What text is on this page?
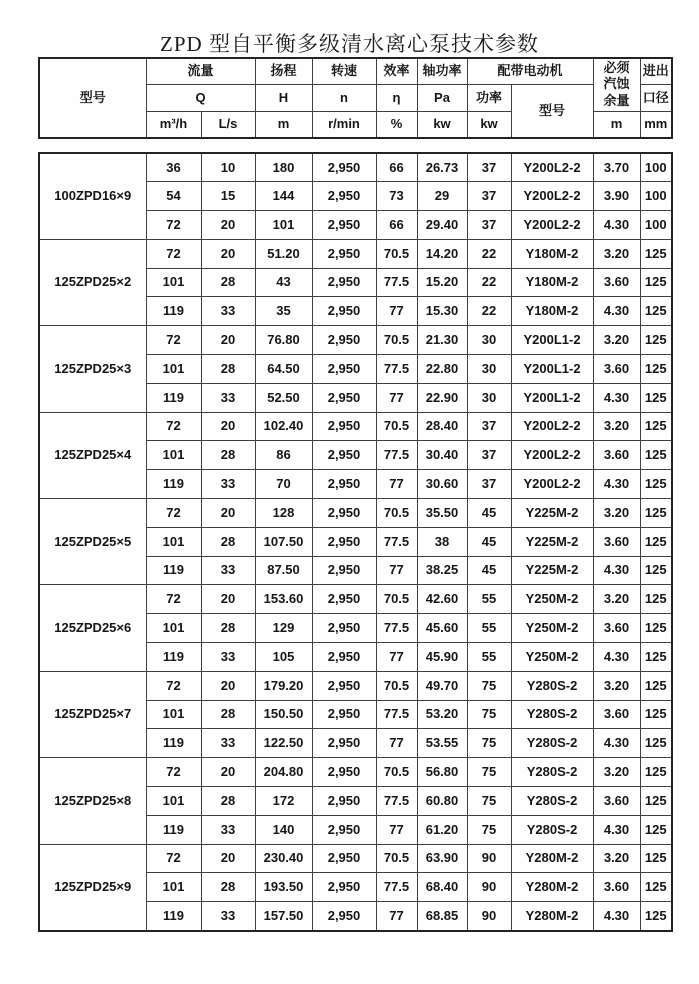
ZPD 型自平衡多级清水离心泵技术参数
型号	流量		扬程	转速	效率	轴功率	配带电动机		必须汽蚀余量	进出
	Q		H	n	η	Pa	功率	型号		口径
	m³/h	L/s	m	r/min	%	kw	kw		m	mm
100ZPD16×9	36	10	180	2,950	66	26.73	37	Y200L2-2	3.70	100
	54	15	144	2,950	73	29	37	Y200L2-2	3.90	100
	72	20	101	2,950	66	29.40	37	Y200L2-2	4.30	100
125ZPD25×2	72	20	51.20	2,950	70.5	14.20	22	Y180M-2	3.20	125
	101	28	43	2,950	77.5	15.20	22	Y180M-2	3.60	125
	119	33	35	2,950	77	15.30	22	Y180M-2	4.30	125
125ZPD25×3	72	20	76.80	2,950	70.5	21.30	30	Y200L1-2	3.20	125
	101	28	64.50	2,950	77.5	22.80	30	Y200L1-2	3.60	125
	119	33	52.50	2,950	77	22.90	30	Y200L1-2	4.30	125
125ZPD25×4	72	20	102.40	2,950	70.5	28.40	37	Y200L2-2	3.20	125
	101	28	86	2,950	77.5	30.40	37	Y200L2-2	3.60	125
	119	33	70	2,950	77	30.60	37	Y200L2-2	4.30	125
125ZPD25×5	72	20	128	2,950	70.5	35.50	45	Y225M-2	3.20	125
	101	28	107.50	2,950	77.5	38	45	Y225M-2	3.60	125
	119	33	87.50	2,950	77	38.25	45	Y225M-2	4.30	125
125ZPD25×6	72	20	153.60	2,950	70.5	42.60	55	Y250M-2	3.20	125
	101	28	129	2,950	77.5	45.60	55	Y250M-2	3.60	125
	119	33	105	2,950	77	45.90	55	Y250M-2	4.30	125
125ZPD25×7	72	20	179.20	2,950	70.5	49.70	75	Y280S-2	3.20	125
	101	28	150.50	2,950	77.5	53.20	75	Y280S-2	3.60	125
	119	33	122.50	2,950	77	53.55	75	Y280S-2	4.30	125
125ZPD25×8	72	20	204.80	2,950	70.5	56.80	75	Y280S-2	3.20	125
	101	28	172	2,950	77.5	60.80	75	Y280S-2	3.60	125
	119	33	140	2,950	77	61.20	75	Y280S-2	4.30	125
125ZPD25×9	72	20	230.40	2,950	70.5	63.90	90	Y280M-2	3.20	125
	101	28	193.50	2,950	77.5	68.40	90	Y280M-2	3.60	125
	119	33	157.50	2,950	77	68.85	90	Y280M-2	4.30	125
